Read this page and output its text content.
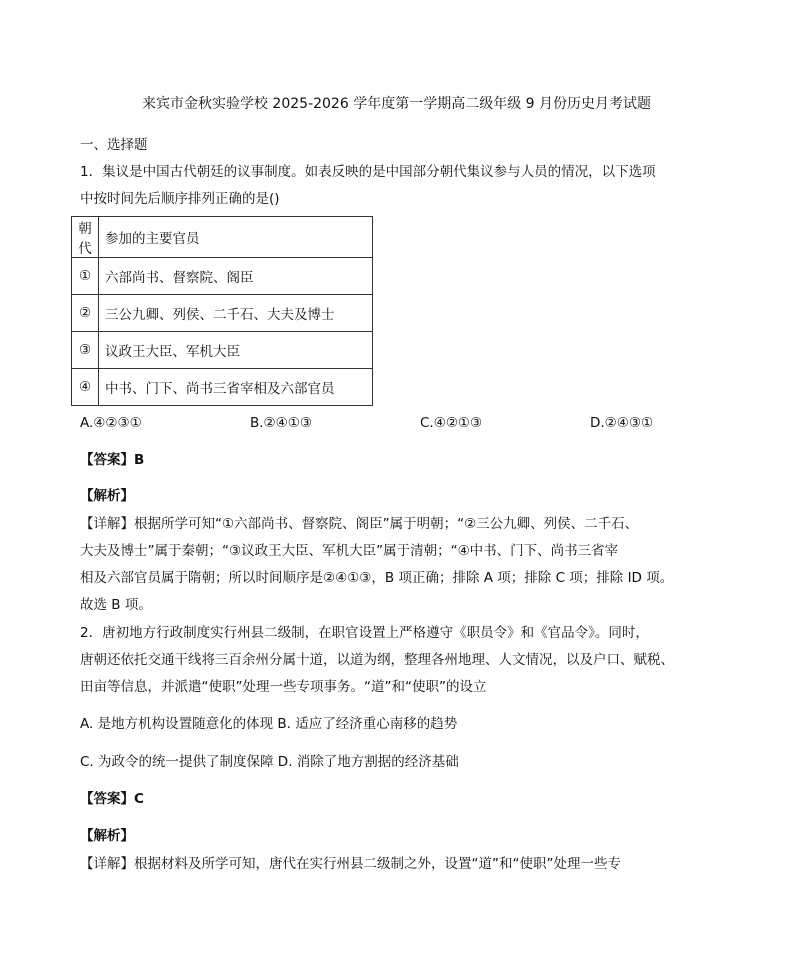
来宾市金秋实验学校 2025-2026 学年度第一学期高二级年级 9 月份历史月考试题
一、选择题
1．集议是中国古代朝廷的议事制度。如表反映的是中国部分朝代集议参与人员的情况，以下选项
中按时间先后顺序排列正确的是()
朝代	参加的主要官员
①	六部尚书、督察院、阁臣
②	三公九卿、列侯、二千石、大夫及博士
③	议政王大臣、军机大臣
④	中书、门下、尚书三省宰相及六部官员
A.④②③①	B.②④①③	C.④②①③	D.②④③①
【答案】B
【解析】
【详解】根据所学可知“①六部尚书、督察院、阁臣”属于明朝；“②三公九卿、列侯、二千石、
大夫及博士”属于秦朝；“③议政王大臣、军机大臣”属于清朝；“④中书、门下、尚书三省宰
相及六部官员属于隋朝；所以时间顺序是②④①③，B 项正确；排除 A 项；排除 C 项；排除 ID 项。
故选 B 项。
2．唐初地方行政制度实行州县二级制，在职官设置上严格遵守《职员令》和《官品令》。同时，
唐朝还依托交通干线将三百余州分属十道，以道为纲，整理各州地理、人文情况，以及户口、赋税、
田亩等信息，并派遣“使职”处理一些专项事务。“道”和“使职”的设立
A. 是地方机构设置随意化的体现 B. 适应了经济重心南移的趋势
C. 为政令的统一提供了制度保障 D. 消除了地方割据的经济基础
【答案】C
【解析】
【详解】根据材料及所学可知，唐代在实行州县二级制之外，设置“道”和“使职”处理一些专
